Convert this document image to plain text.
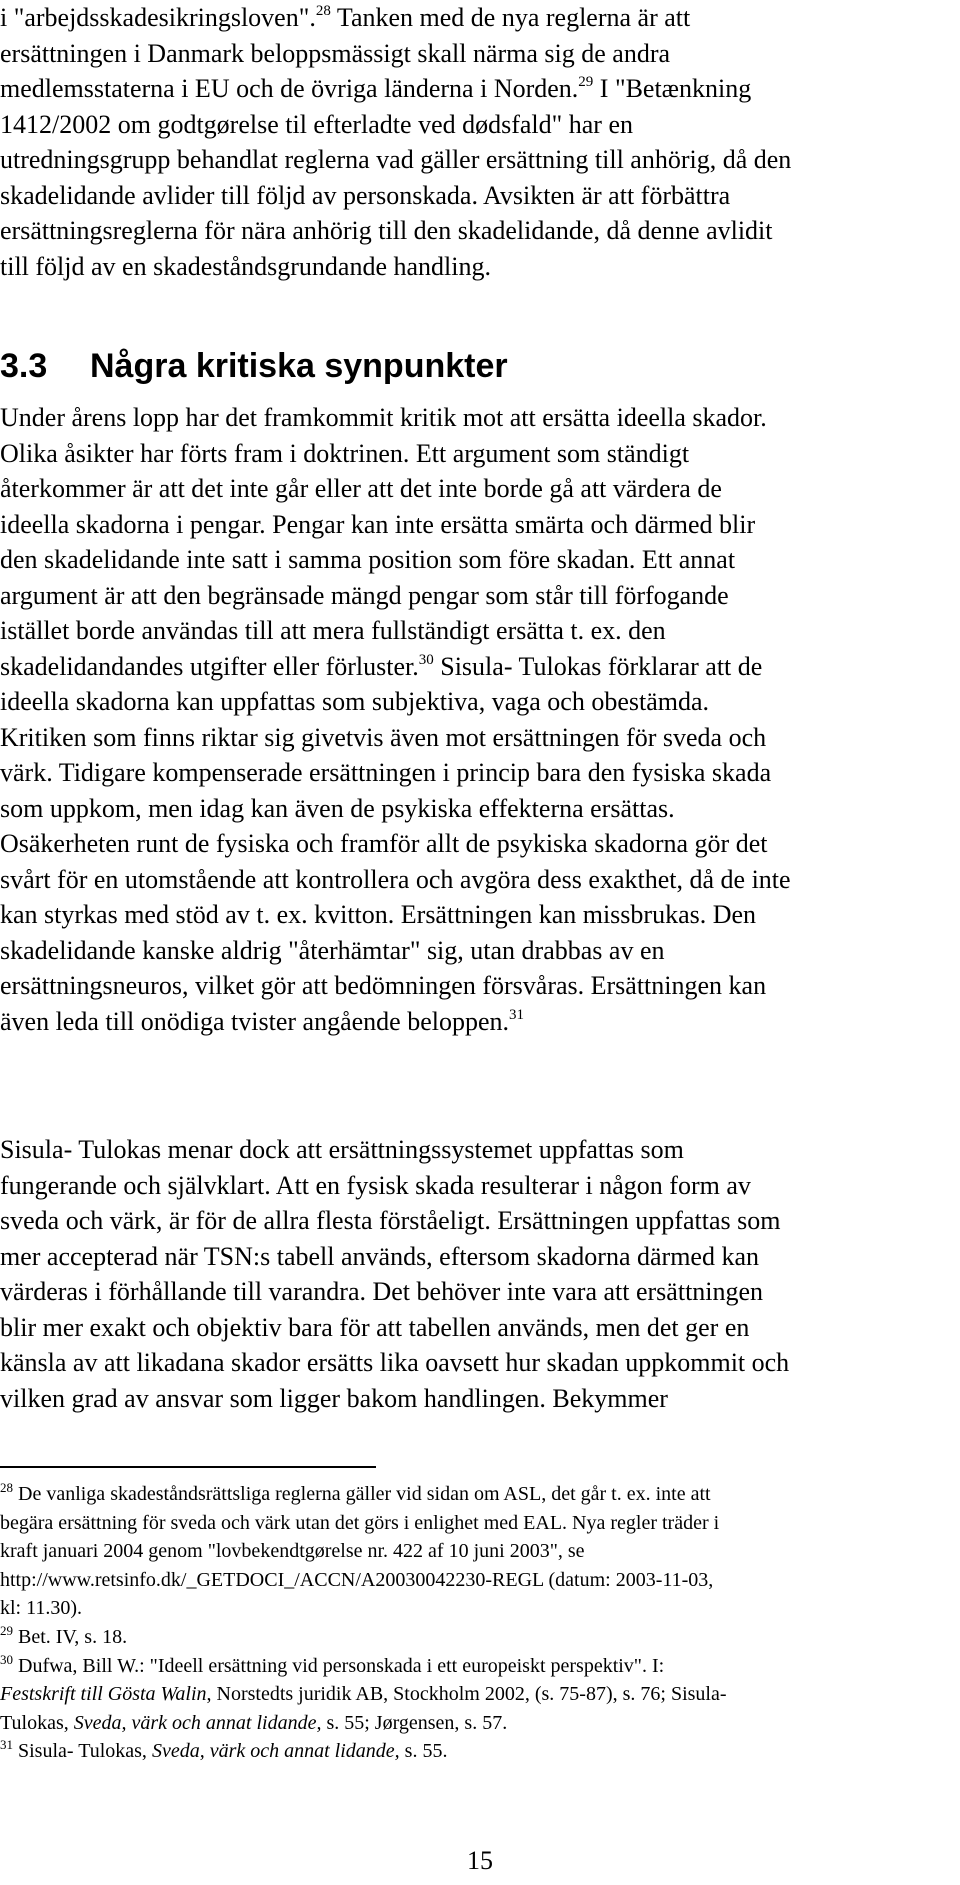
i "arbejdsskadesikringsloven".$^{28}$ Tanken med de nya reglerna är att
ersättningen i Danmark beloppsmässigt skall närma sig de andra
medlemsstaterna i EU och de övriga länderna i Norden.$^{29}$ I "Betænkning
1412/2002 om godtgørelse til efterladte ved dødsfald" har en
utredningsgrupp behandlat reglerna vad gäller ersättning till anhörig, då den
skadelidande avlider till följd av personskada. Avsikten är att förbättra
ersättningsreglerna för nära anhörig till den skadelidande, då denne avlidit
till följd av en skadeståndsgrundande handling.
3.3 Några kritiska synpunkter
Under årens lopp har det framkommit kritik mot att ersätta ideella skador.
Olika åsikter har förts fram i doktrinen. Ett argument som ständigt
återkommer är att det inte går eller att det inte borde gå att värdera de
ideella skadorna i pengar. Pengar kan inte ersätta smärta och därmed blir
den skadelidande inte satt i samma position som före skadan. Ett annat
argument är att den begränsade mängd pengar som står till förfogande
istället borde användas till att mera fullständigt ersätta t. ex. den
skadelidandandes utgifter eller förluster.$^{30}$ Sisula- Tulokas förklarar att de
ideella skadorna kan uppfattas som subjektiva, vaga och obestämda.
Kritiken som finns riktar sig givetvis även mot ersättningen för sveda och
värk. Tidigare kompenserade ersättningen i princip bara den fysiska skada
som uppkom, men idag kan även de psykiska effekterna ersättas.
Osäkerheten runt de fysiska och framför allt de psykiska skadorna gör det
svårt för en utomstående att kontrollera och avgöra dess exakthet, då de inte
kan styrkas med stöd av t. ex. kvitton. Ersättningen kan missbrukas. Den
skadelidande kanske aldrig "återhämtar" sig, utan drabbas av en
ersättningsneuros, vilket gör att bedömningen försvåras. Ersättningen kan
även leda till onödiga tvister angående beloppen.$^{31}$
Sisula- Tulokas menar dock att ersättningssystemet uppfattas som
fungerande och självklart. Att en fysisk skada resulterar i någon form av
sveda och värk, är för de allra flesta förståeligt. Ersättningen uppfattas som
mer accepterad när TSN:s tabell används, eftersom skadorna därmed kan
värderas i förhållande till varandra. Det behöver inte vara att ersättningen
blir mer exakt och objektiv bara för att tabellen används, men det ger en
känsla av att likadana skador ersätts lika oavsett hur skadan uppkommit och
vilken grad av ansvar som ligger bakom handlingen. Bekymmer
$^{28}$ De vanliga skadeståndsrättsliga reglerna gäller vid sidan om ASL, det går t. ex. inte att
begära ersättning för sveda och värk utan det görs i enlighet med EAL. Nya regler träder i
kraft januari 2004 genom "lovbekendtgørelse nr. 422 af 10 juni 2003", se
http://www.retsinfo.dk/_GETDOCI_/ACCN/A20030042230-REGL (datum: 2003-11-03,
kl: 11.30).
$^{29}$ Bet. IV, s. 18.
$^{30}$ Dufwa, Bill W.: "Ideell ersättning vid personskada i ett europeiskt perspektiv". I:
Festskrift till Gösta Walin, Norstedts juridik AB, Stockholm 2002, (s. 75-87), s. 76; Sisula-
Tulokas, Sveda, värk och annat lidande, s. 55; Jørgensen, s. 57.
$^{31}$ Sisula- Tulokas, Sveda, värk och annat lidande, s. 55.
15
